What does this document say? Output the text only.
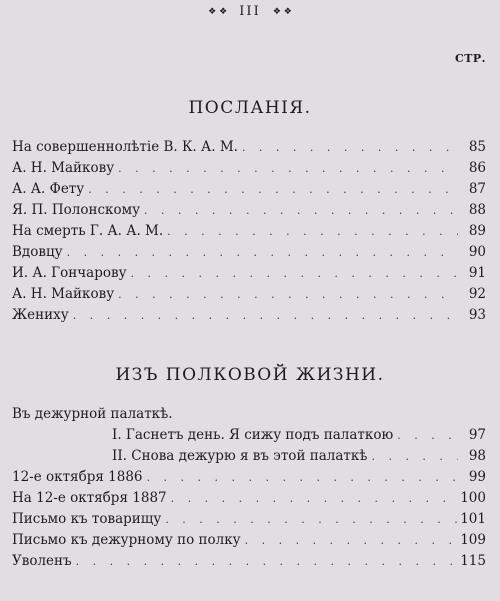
❖ ❖ III ❖ ❖
СТР.
ПОСЛАНІЯ.
На совершеннолѣтіе В. К. А. М. . . .	85
А. Н. Майкову . . .	86
А. А. Фету . . .	87
Я. П. Полонскому . . .	88
На смерть Г. А. А. М. . . .	89
Вдовцу . . .	90
И. А. Гончарову . . .	91
А. Н. Майкову . . .	92
Жениху . . .	93
ИЗЪ ПОЛКОВОЙ ЖИЗНИ.
Въ дежурной палаткѣ.
I. Гаснетъ день. Я сижу подъ палаткою . . .	97
II. Снова дежурю я въ этой палаткѣ . . .	98
12-е октября 1886 . . .	99
На 12-е октября 1887 . . .	100
Письмо къ товарищу . . .	101
Письмо къ дежурному по полку . . .	109
Уволенъ . . .	115
